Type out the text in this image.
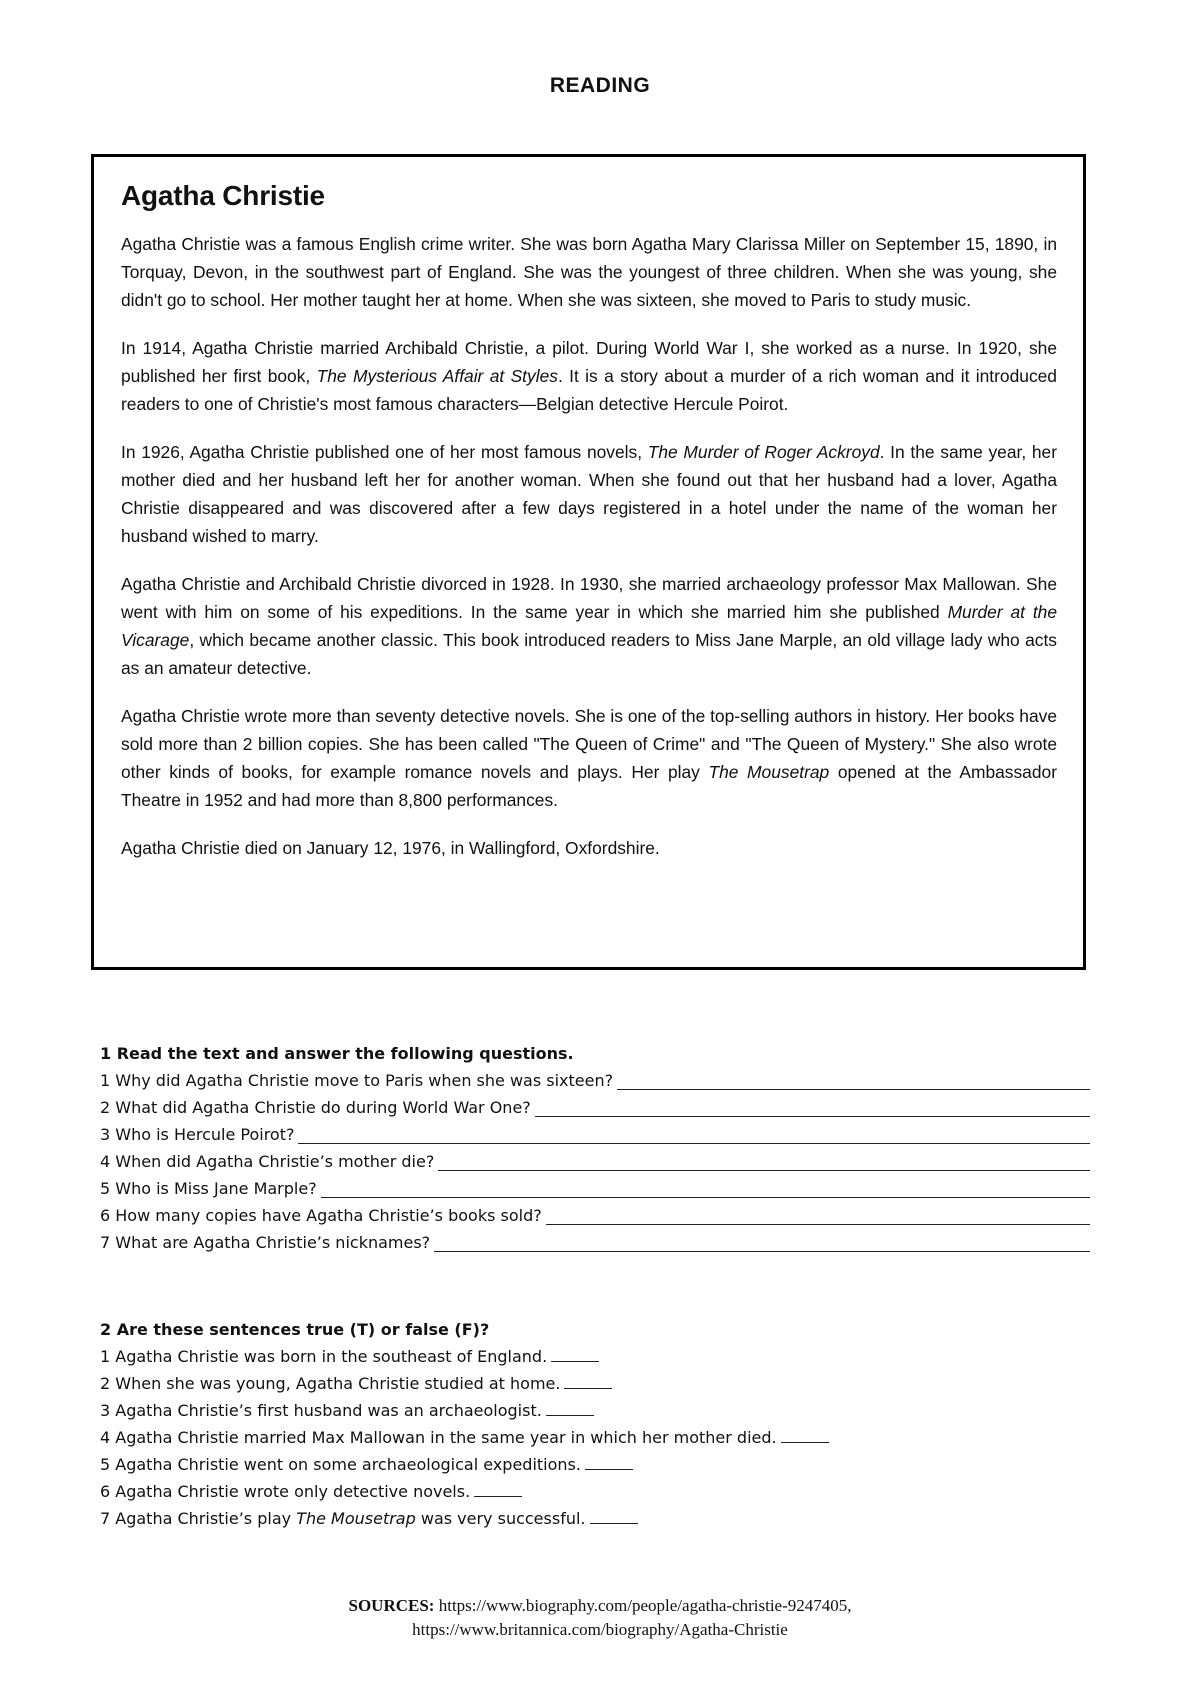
READING
Agatha Christie

Agatha Christie was a famous English crime writer. She was born Agatha Mary Clarissa Miller on September 15, 1890, in Torquay, Devon, in the southwest part of England. She was the youngest of three children. When she was young, she didn't go to school. Her mother taught her at home. When she was sixteen, she moved to Paris to study music.

In 1914, Agatha Christie married Archibald Christie, a pilot. During World War I, she worked as a nurse. In 1920, she published her first book, The Mysterious Affair at Styles. It is a story about a murder of a rich woman and it introduced readers to one of Christie's most famous characters—Belgian detective Hercule Poirot.

In 1926, Agatha Christie published one of her most famous novels, The Murder of Roger Ackroyd. In the same year, her mother died and her husband left her for another woman. When she found out that her husband had a lover, Agatha Christie disappeared and was discovered after a few days registered in a hotel under the name of the woman her husband wished to marry.

Agatha Christie and Archibald Christie divorced in 1928. In 1930, she married archaeology professor Max Mallowan. She went with him on some of his expeditions. In the same year in which she married him she published Murder at the Vicarage, which became another classic. This book introduced readers to Miss Jane Marple, an old village lady who acts as an amateur detective.

Agatha Christie wrote more than seventy detective novels. She is one of the top-selling authors in history. Her books have sold more than 2 billion copies. She has been called "The Queen of Crime" and "The Queen of Mystery." She also wrote other kinds of books, for example romance novels and plays. Her play The Mousetrap opened at the Ambassador Theatre in 1952 and had more than 8,800 performances.

Agatha Christie died on January 12, 1976, in Wallingford, Oxfordshire.

1 Read the text and answer the following questions.
1 Why did Agatha Christie move to Paris when she was sixteen?
2 What did Agatha Christie do during World War One?
3 Who is Hercule Poirot?
4 When did Agatha Christie’s mother die?
5 Who is Miss Jane Marple?
6 How many copies have Agatha Christie’s books sold?
7 What are Agatha Christie’s nicknames?
2 Are these sentences true (T) or false (F)?
1 Agatha Christie was born in the southeast of England.
2 When she was young, Agatha Christie studied at home.
3 Agatha Christie’s first husband was an archaeologist.
4 Agatha Christie married Max Mallowan in the same year in which her mother died.
5 Agatha Christie went on some archaeological expeditions.
6 Agatha Christie wrote only detective novels.
7 Agatha Christie’s play The Mousetrap was very successful.
SOURCES: https://www.biography.com/people/agatha-christie-9247405,
https://www.britannica.com/biography/Agatha-Christie
